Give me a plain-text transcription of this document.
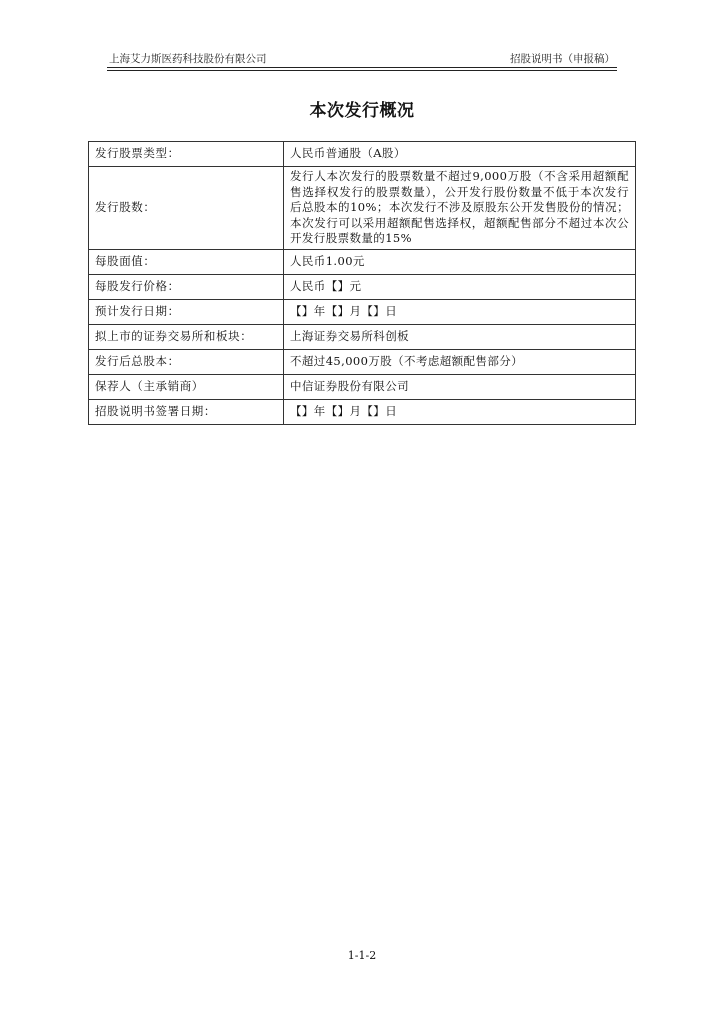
上海艾力斯医药科技股份有限公司	招股说明书（申报稿）
本次发行概况
发行股票类型：	人民币普通股（A股）
发行股数：	发行人本次发行的股票数量不超过9,000万股（不含采用超额配售选择权发行的股票数量），公开发行股份数量不低于本次发行后总股本的10%；本次发行不涉及原股东公开发售股份的情况；本次发行可以采用超额配售选择权，超额配售部分不超过本次公开发行股票数量的15%
每股面值：	人民币1.00元
每股发行价格：	人民币【】元
预计发行日期：	【】年【】月【】日
拟上市的证券交易所和板块：	上海证券交易所科创板
发行后总股本：	不超过45,000万股（不考虑超额配售部分）
保荐人（主承销商）	中信证券股份有限公司
招股说明书签署日期：	【】年【】月【】日
1-1-2
